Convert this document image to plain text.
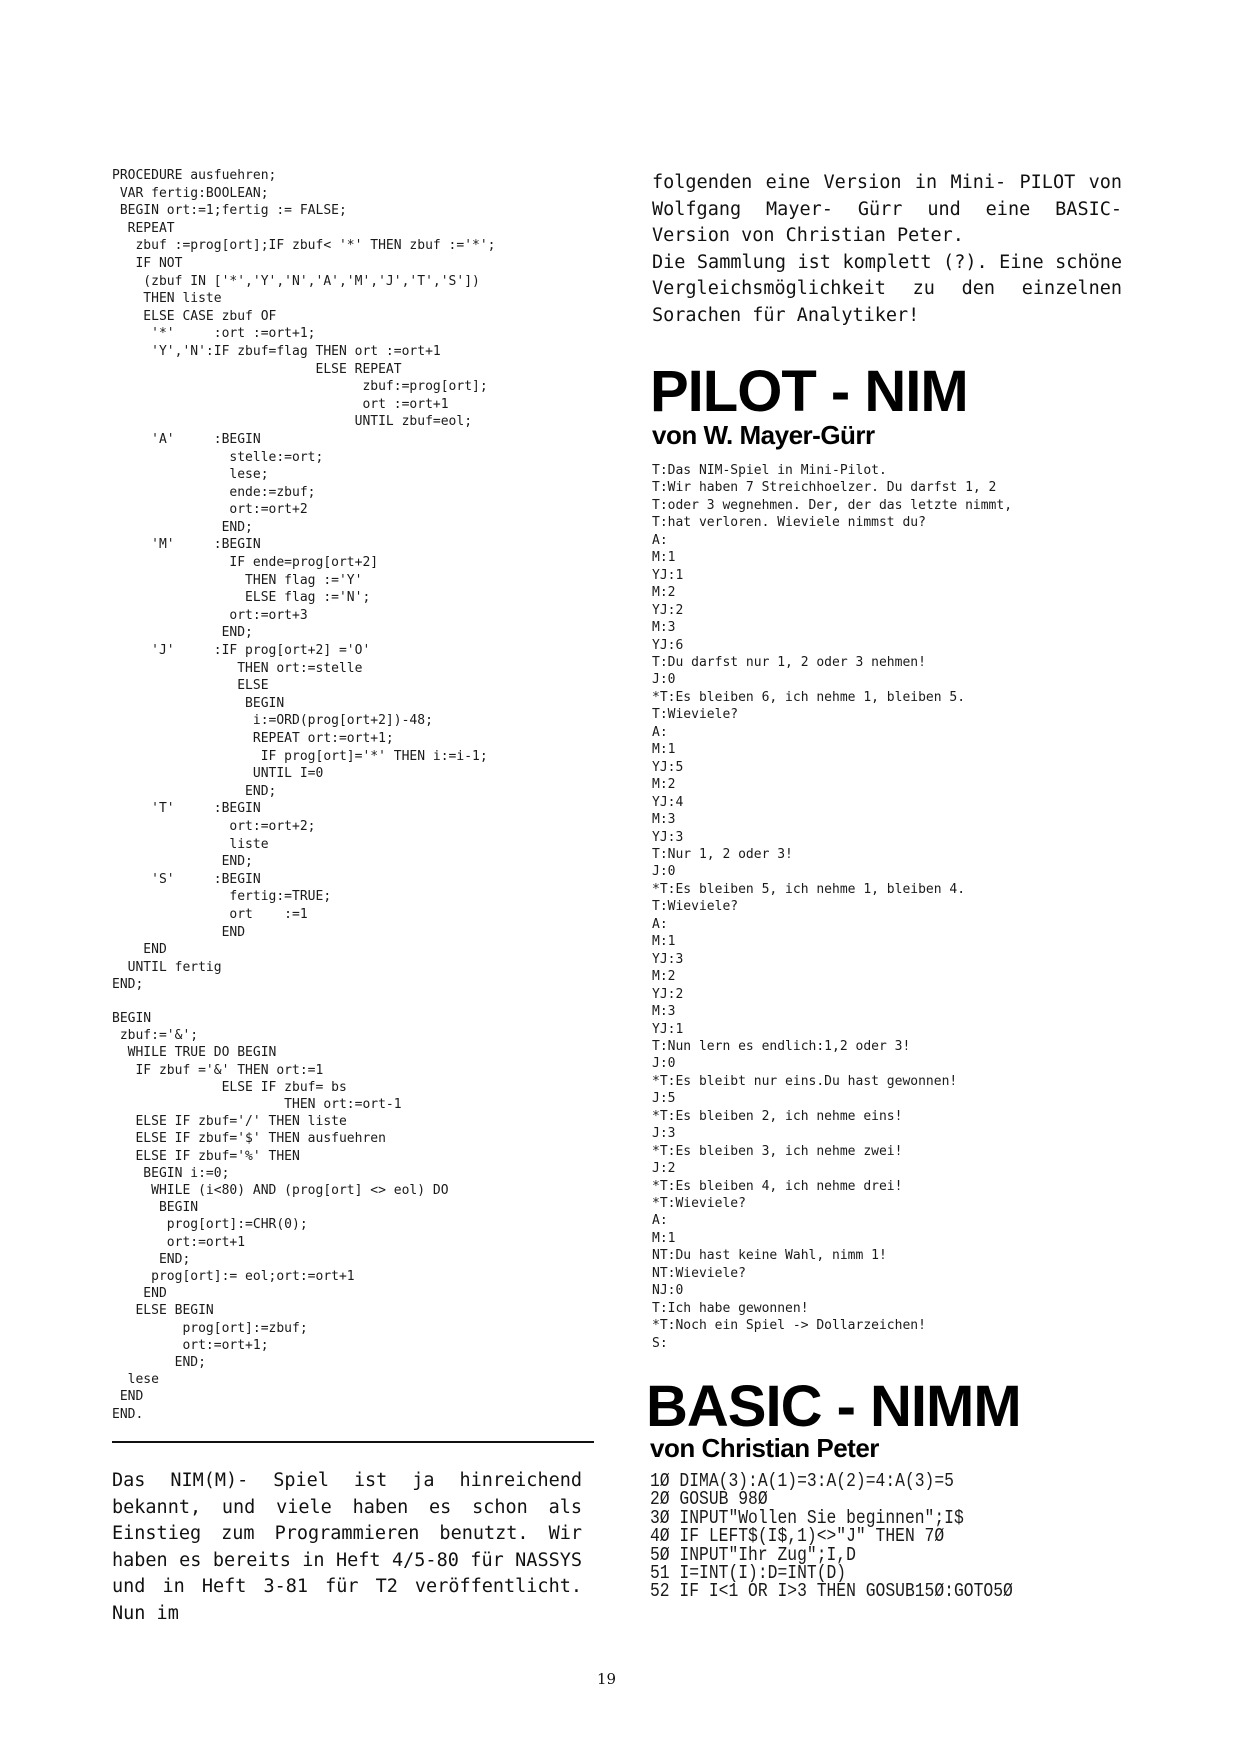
PROCEDURE ausfuehren;
VAR fertig:BOOLEAN;
BEGIN ort:=1;fertig := FALSE;
REPEAT
zbuf :=prog[ort];IF zbuf< '*' THEN zbuf :='*';
IF NOT
(zbuf IN ['*','Y','N','A','M','J','T','S'])
THEN liste
ELSE CASE zbuf OF
'*'     :ort :=ort+1;
'Y','N':IF zbuf=flag THEN ort :=ort+1
ELSE REPEAT
zbuf:=prog[ort];
ort :=ort+1
UNTIL zbuf=eol;
'A'     :BEGIN
stelle:=ort;
lese;
ende:=zbuf;
ort:=ort+2
END;
'M'     :BEGIN
IF ende=prog[ort+2]
THEN flag :='Y'
ELSE flag :='N';
ort:=ort+3
END;
'J'     :IF prog[ort+2] ='O'
THEN ort:=stelle
ELSE
BEGIN
i:=ORD(prog[ort+2])-48;
REPEAT ort:=ort+1;
IF prog[ort]='*' THEN i:=i-1;
UNTIL I=0
END;
'T'     :BEGIN
ort:=ort+2;
liste
END;
'S'     :BEGIN
fertig:=TRUE;
ort    :=1
END
END
UNTIL fertig
END;
BEGIN
zbuf:='&';
WHILE TRUE DO BEGIN
IF zbuf ='&' THEN ort:=1
ELSE IF zbuf= bs
THEN ort:=ort-1
ELSE IF zbuf='/' THEN liste
ELSE IF zbuf='$' THEN ausfuehren
ELSE IF zbuf='%' THEN
BEGIN i:=0;
WHILE (i<80) AND (prog[ort] <> eol) DO
BEGIN
prog[ort]:=CHR(0);
ort:=ort+1
END;
prog[ort]:= eol;ort:=ort+1
END
ELSE BEGIN
prog[ort]:=zbuf;
ort:=ort+1;
END;
lese
END
END.

Das NIM(M)- Spiel ist ja hinreichend bekannt, und viele haben es schon als Einstieg zum Programmieren benutzt. Wir haben es bereits in Heft 4/5-80 für NASSYS und in Heft 3-81 für T2 veröffentlicht. Nun im

folgenden eine Version in Mini- PILOT von Wolfgang Mayer- Gürr und eine BASIC-Version von Christian Peter.
Die Sammlung ist komplett (?). Eine schöne Vergleichsmöglichkeit zu den einzelnen Sorachen für Analytiker!

PILOT - NIM
von W. Mayer-Gürr
T:Das NIM-Spiel in Mini-Pilot.
T:Wir haben 7 Streichhoelzer. Du darfst 1, 2
T:oder 3 wegnehmen. Der, der das letzte nimmt,
T:hat verloren. Wieviele nimmst du?
A:
M:1
YJ:1
M:2
YJ:2
M:3
YJ:6
T:Du darfst nur 1, 2 oder 3 nehmen!
J:0
*T:Es bleiben 6, ich nehme 1, bleiben 5.
T:Wieviele?
A:
M:1
YJ:5
M:2
YJ:4
M:3
YJ:3
T:Nur 1, 2 oder 3!
J:0
*T:Es bleiben 5, ich nehme 1, bleiben 4.
T:Wieviele?
A:
M:1
YJ:3
M:2
YJ:2
M:3
YJ:1
T:Nun lern es endlich:1,2 oder 3!
J:0
*T:Es bleibt nur eins.Du hast gewonnen!
J:5
*T:Es bleiben 2, ich nehme eins!
J:3
*T:Es bleiben 3, ich nehme zwei!
J:2
*T:Es bleiben 4, ich nehme drei!
*T:Wieviele?
A:
M:1
NT:Du hast keine Wahl, nimm 1!
NT:Wieviele?
NJ:0
T:Ich habe gewonnen!
*T:Noch ein Spiel -> Dollarzeichen!
S:
BASIC - NIMM
von Christian Peter
1Ø DIMA(3):A(1)=3:A(2)=4:A(3)=5
2Ø GOSUB 98Ø
3Ø INPUT"Wollen Sie beginnen";I$
4Ø IF LEFT$(I$,1)<>"J" THEN 7Ø
5Ø INPUT"Ihr Zug";I,D
51 I=INT(I):D=INT(D)
52 IF I<1 OR I>3 THEN GOSUB15Ø:GOTO5Ø

19
